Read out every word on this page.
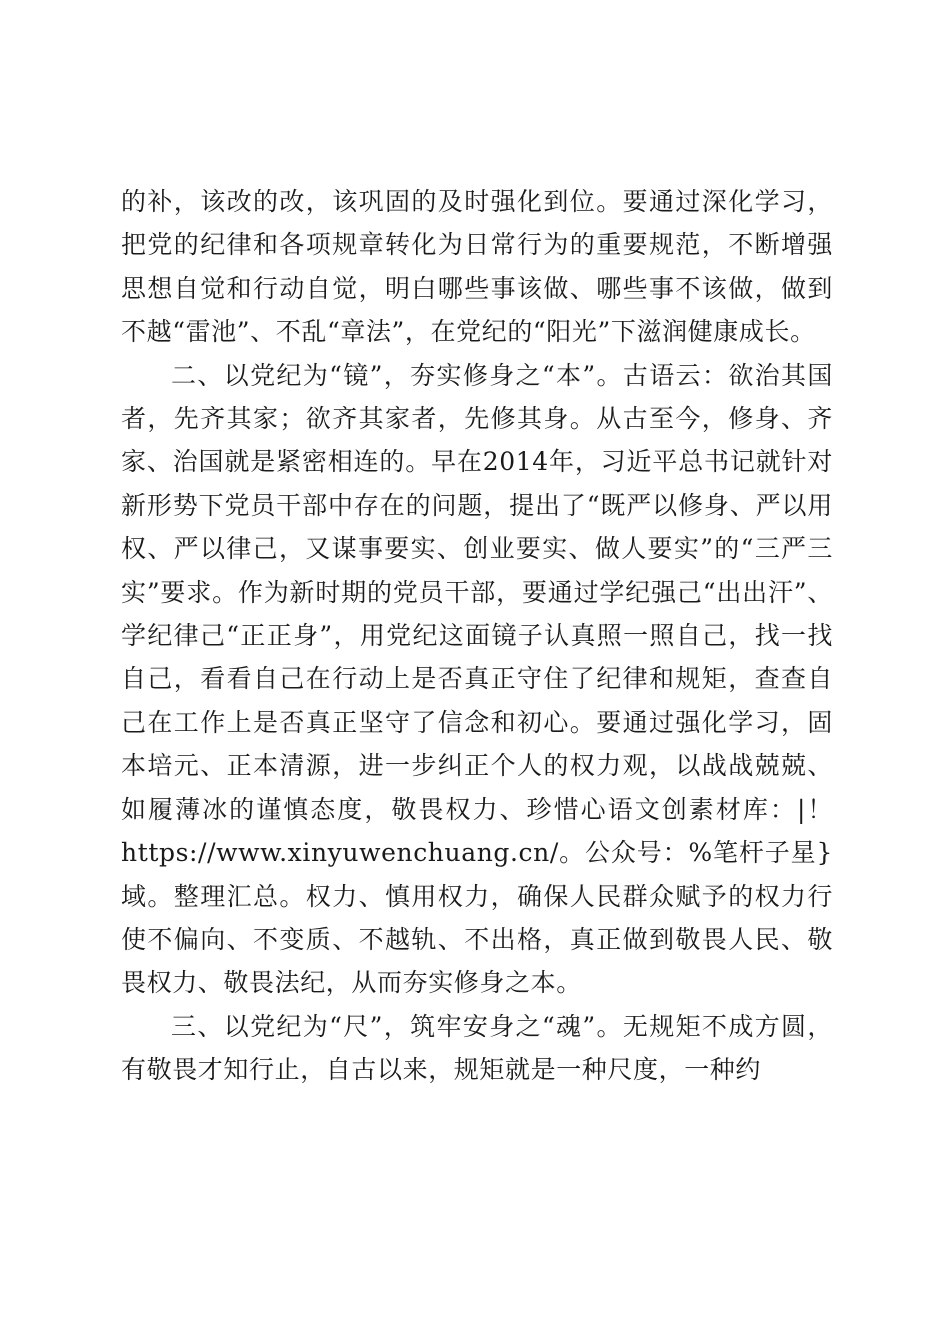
的补，该改的改，该巩固的及时强化到位。要通过深化学习，把党的纪律和各项规章转化为日常行为的重要规范，不断增强思想自觉和行动自觉，明白哪些事该做、哪些事不该做，做到不越“雷池”、不乱“章法”，在党纪的“阳光”下滋润健康成长。

二、以党纪为“镜”，夯实修身之“本”。古语云：欲治其国者，先齐其家；欲齐其家者，先修其身。从古至今，修身、齐家、治国就是紧密相连的。早在2014年，习近平总书记就针对新形势下党员干部中存在的问题，提出了“既严以修身、严以用权、严以律己，又谋事要实、创业要实、做人要实”的“三严三实”要求。作为新时期的党员干部，要通过学纪强己“出出汗”、学纪律己“正正身”，用党纪这面镜子认真照一照自己，找一找自己，看看自己在行动上是否真正守住了纪律和规矩，查查自己在工作上是否真正坚守了信念和初心。要通过强化学习，固本培元、正本清源，进一步纠正个人的权力观，以战战兢兢、如履薄冰的谨慎态度，敬畏权力、珍惜心语文创素材库：|！https://www.xinyuwenchuang.cn/。公众号：%笔杆子星}域。整理汇总。权力、慎用权力，确保人民群众赋予的权力行使不偏向、不变质、不越轨、不出格，真正做到敬畏人民、敬畏权力、敬畏法纪，从而夯实修身之本。

三、以党纪为“尺”，筑牢安身之“魂”。无规矩不成方圆，有敬畏才知行止，自古以来，规矩就是一种尺度，一种约
